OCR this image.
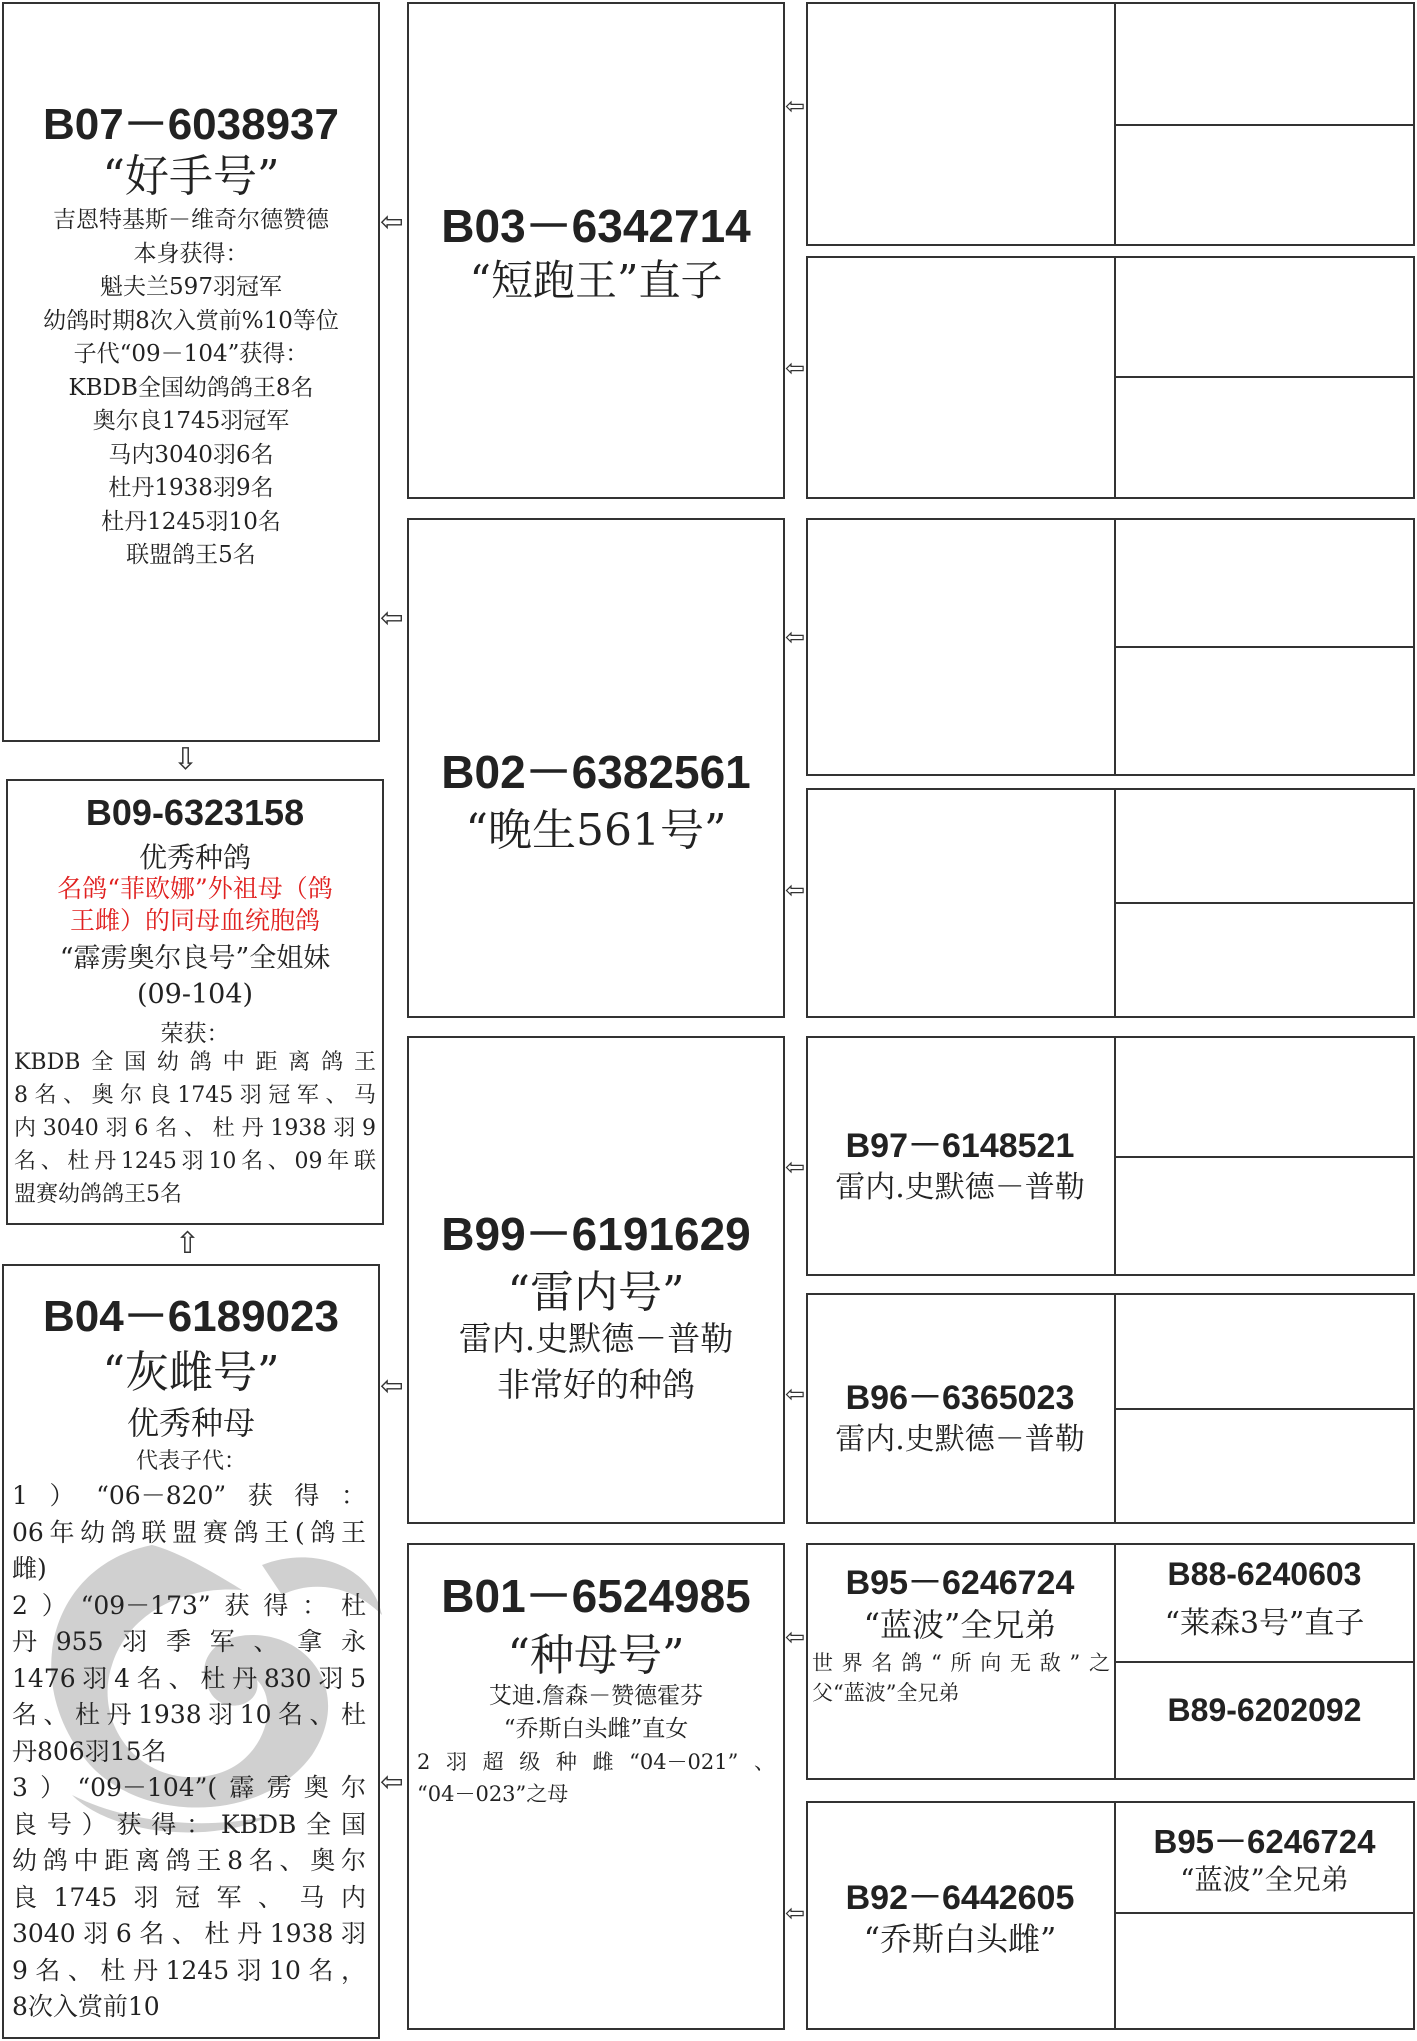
B07－6038937
“好手号”
吉恩特基斯－维奇尔德赞德
本身获得：
魁夫兰597羽冠军
幼鸽时期8次入赏前%10等位
子代“09－104”获得：
KBDB全国幼鸽鸽王8名
奥尔良1745羽冠军
马内3040羽6名
杜丹1938羽9名
杜丹1245羽10名
联盟鸽王5名
⇩
B09-6323158
优秀种鸽
名鸽“菲欧娜”外祖母（鸽
王雌）的同母血统胞鸽
“霹雳奥尔良号”全姐妹
(09-104)
荣获：
KBDB全国幼鸽中距离鸽王
8名、奥尔良1745羽冠军、马
内3040羽6名、杜丹1938羽9
名、杜丹1245羽10名、09年联
盟赛幼鸽鸽王5名
⇧
B04－6189023
“灰雌号”
优秀种母
代表子代：
1）“06－820”获得：
06年幼鸽联盟赛鸽王(鸽王
雌)
2）“09－173”获得：杜
丹955羽季军、拿永
1476羽4名、杜丹830羽5
名、杜丹1938羽10名、杜
丹806羽15名
3）“09－104”(霹雳奥尔
良号）获得：KBDB全国
幼鸽中距离鸽王8名、奥尔
良1745羽冠军、马内
3040羽6名、杜丹1938羽
9名、杜丹1245羽10名，
8次入赏前10
⇦
⇦
⇦
⇦
B03－6342714
“短跑王”直子
B02－6382561
“晚生561号”
B99－6191629
“雷内号”
雷内.史默德－普勒
非常好的种鸽
B01－6524985
“种母号”
艾迪.詹森－赞德霍芬
“乔斯白头雌”直女
2羽超级种雌“04－021”、
“04－023”之母
⇦
⇦
⇦
⇦
⇦
⇦
⇦
⇦
B97－6148521
雷内.史默德－普勒
B96－6365023
雷内.史默德－普勒
B95－6246724
“蓝波”全兄弟
世界名鸽“所向无敌”之
父“蓝波”全兄弟
B88-6240603
“莱森3号”直子
B89-6202092
B92－6442605
“乔斯白头雌”
B95－6246724
“蓝波”全兄弟
